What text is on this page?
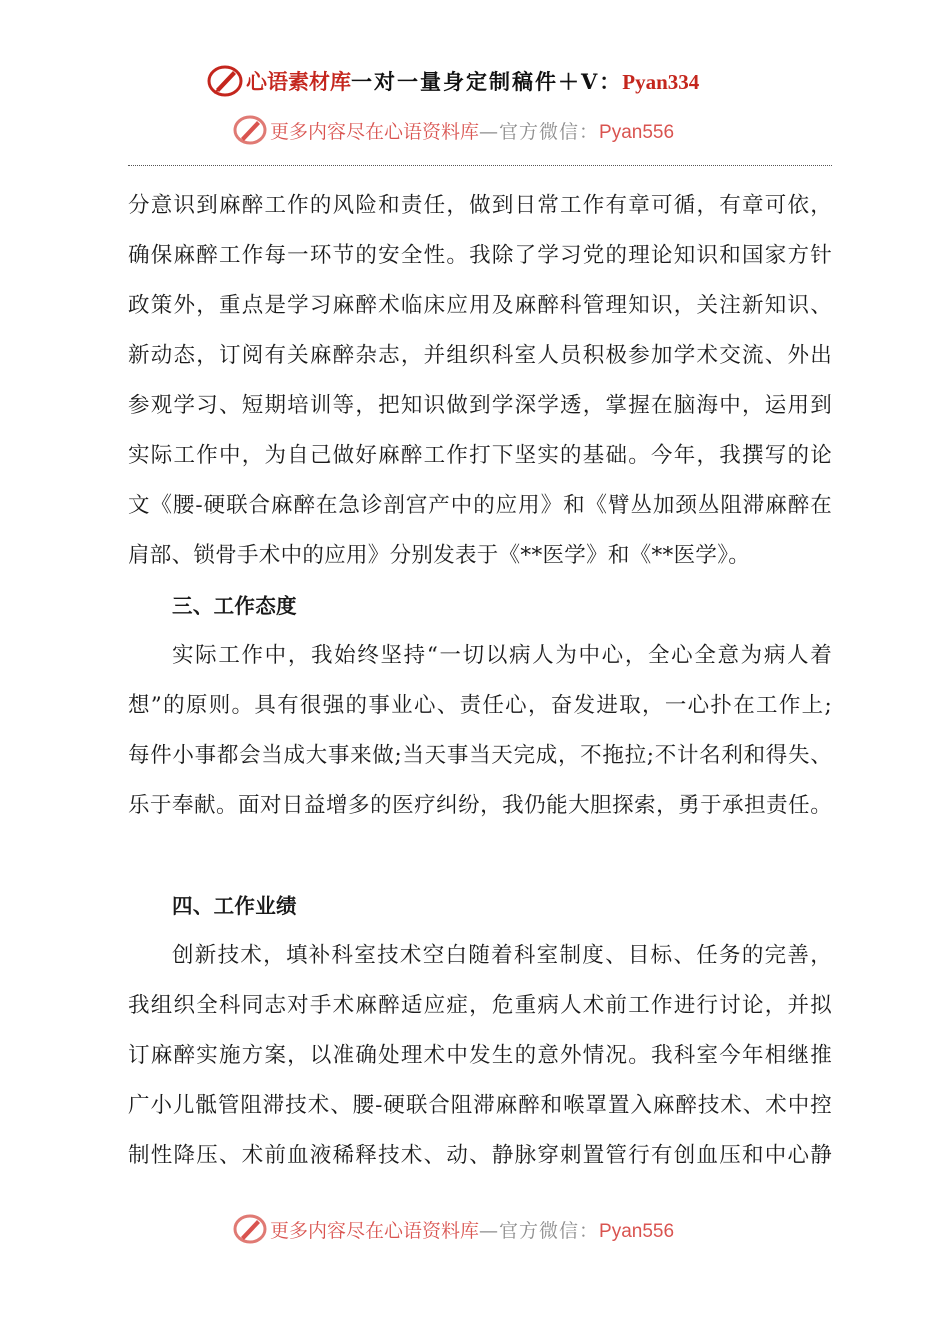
心语素材库一对一量身定制稿件＋V：Pyan334
更多内容尽在心语资料库—官方微信：Pyan556
分意识到麻醉工作的风险和责任，做到日常工作有章可循，有章可依，
确保麻醉工作每一环节的安全性。我除了学习党的理论知识和国家方针
政策外，重点是学习麻醉术临床应用及麻醉科管理知识，关注新知识、
新动态，订阅有关麻醉杂志，并组织科室人员积极参加学术交流、外出
参观学习、短期培训等，把知识做到学深学透，掌握在脑海中，运用到
实际工作中，为自己做好麻醉工作打下坚实的基础。今年，我撰写的论
文《腰-硬联合麻醉在急诊剖宫产中的应用》和《臂丛加颈丛阻滞麻醉在
肩部、锁骨手术中的应用》分别发表于《**医学》和《**医学》。
三、工作态度
实际工作中，我始终坚持“一切以病人为中心，全心全意为病人着
想”的原则。具有很强的事业心、责任心，奋发进取，一心扑在工作上;
每件小事都会当成大事来做;当天事当天完成，不拖拉;不计名利和得失、
乐于奉献。面对日益增多的医疗纠纷，我仍能大胆探索，勇于承担责任。
四、工作业绩
创新技术，填补科室技术空白随着科室制度、目标、任务的完善，
我组织全科同志对手术麻醉适应症，危重病人术前工作进行讨论，并拟
订麻醉实施方案，以准确处理术中发生的意外情况。我科室今年相继推
广小儿骶管阻滞技术、腰-硬联合阻滞麻醉和喉罩置入麻醉技术、术中控
制性降压、术前血液稀释技术、动、静脉穿刺置管行有创血压和中心静
更多内容尽在心语资料库—官方微信：Pyan556
